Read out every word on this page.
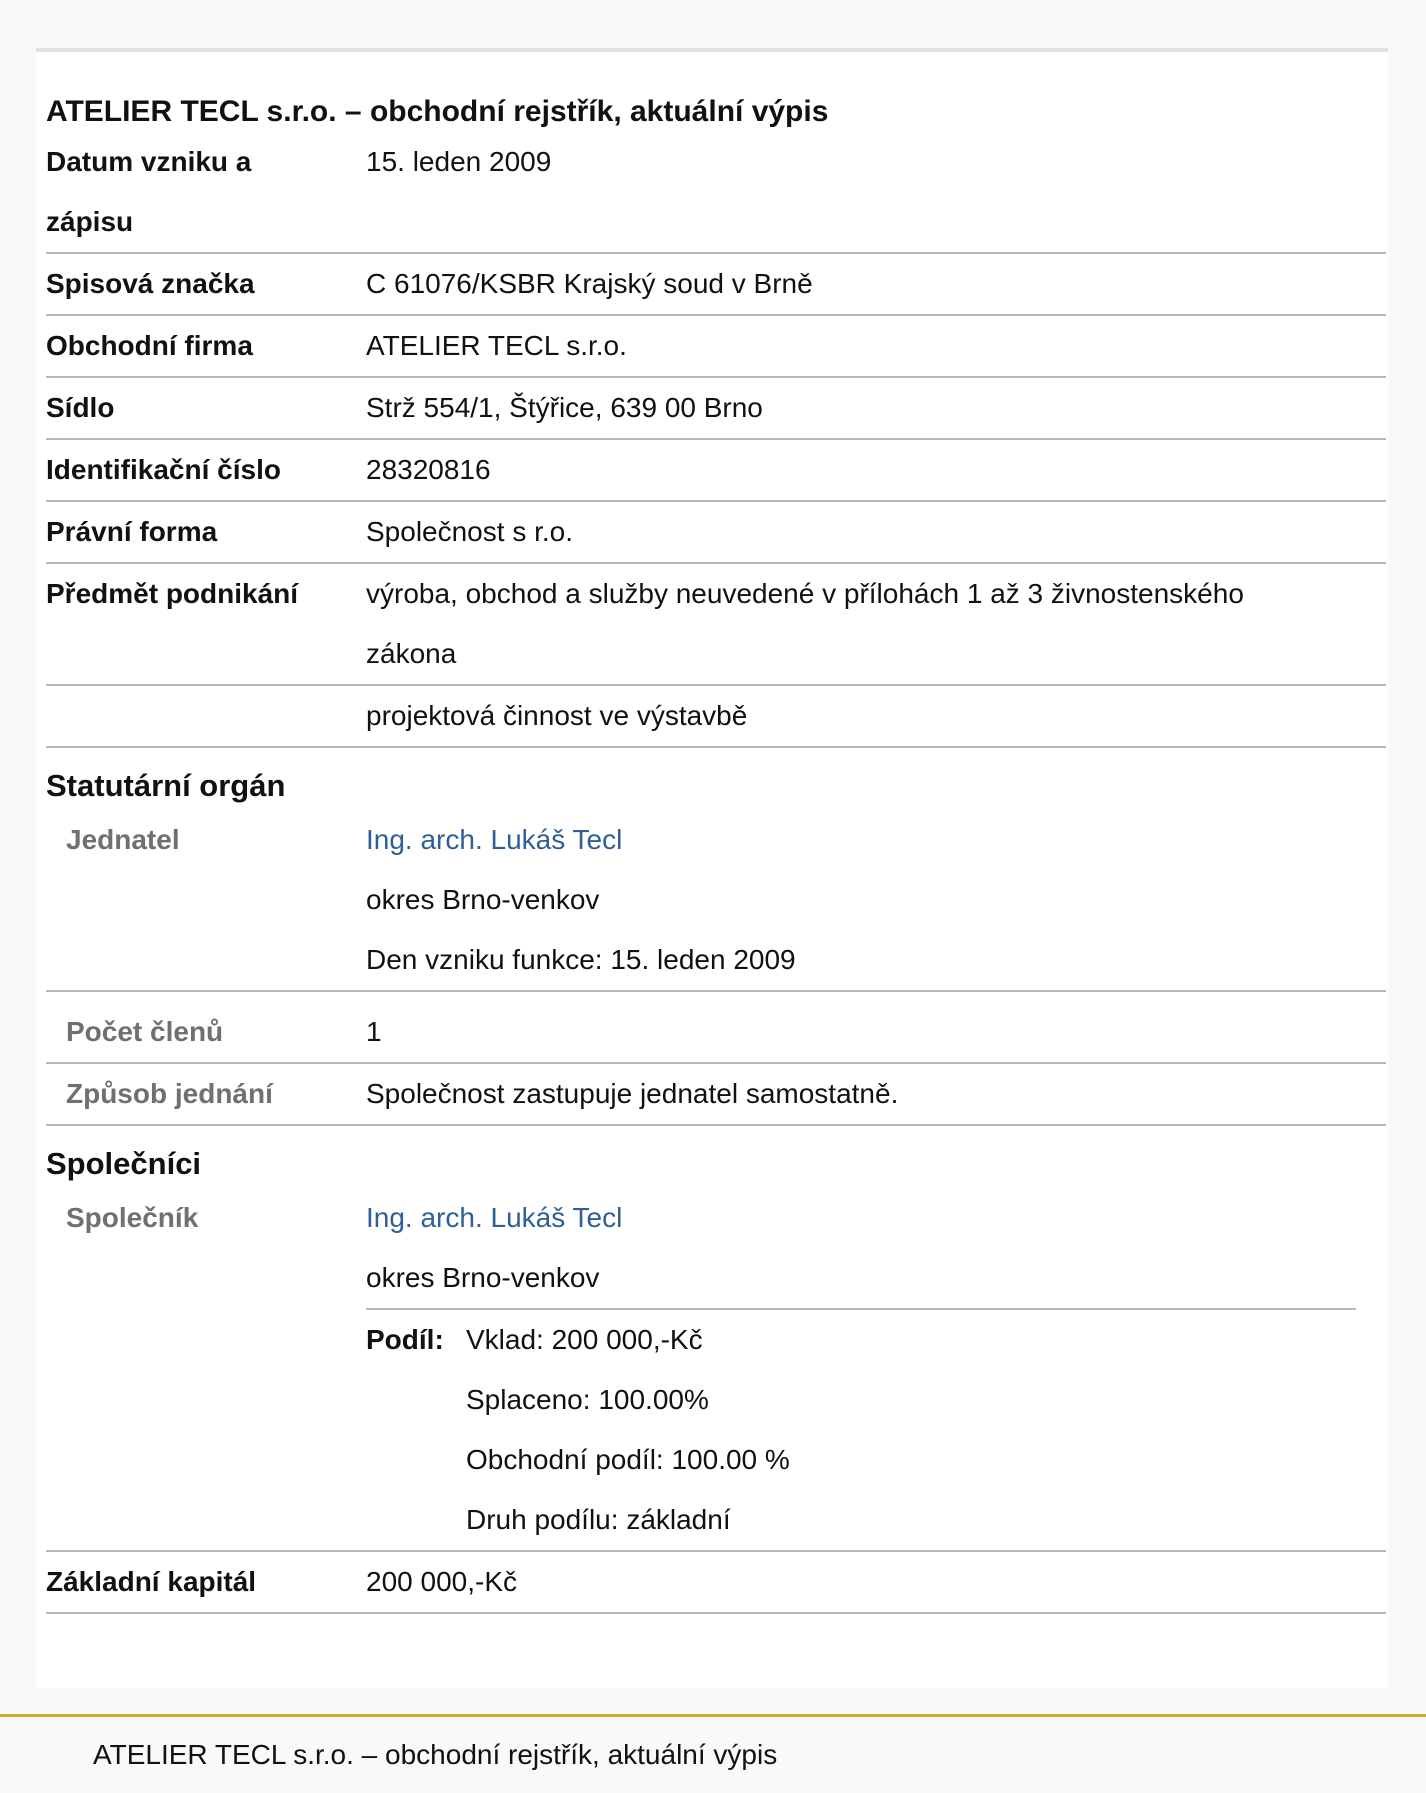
ATELIER TECL s.r.o. – obchodní rejstřík, aktuální výpis
Datum vzniku a
zápisu
15. leden 2009
Spisová značka	C 61076/KSBR Krajský soud v Brně
Obchodní firma	ATELIER TECL s.r.o.
Sídlo	Strž 554/1, Štýřice, 639 00 Brno
Identifikační číslo	28320816
Právní forma	Společnost s r.o.
Předmět podnikání	výroba, obchod a služby neuvedené v přílohách 1 až 3 živnostenského
zákona
projektová činnost ve výstavbě
Statutární orgán
Jednatel	Ing. arch. Lukáš Tecl
okres Brno-venkov
Den vzniku funkce: 15. leden 2009
Počet členů	1
Způsob jednání	Společnost zastupuje jednatel samostatně.
Společníci
Společník	Ing. arch. Lukáš Tecl
okres Brno-venkov
Podíl: Vklad: 200 000,-Kč
Splaceno: 100.00%
Obchodní podíl: 100.00 %
Druh podílu: základní
Základní kapitál	200 000,-Kč
ATELIER TECL s.r.o. – obchodní rejstřík, aktuální výpis
